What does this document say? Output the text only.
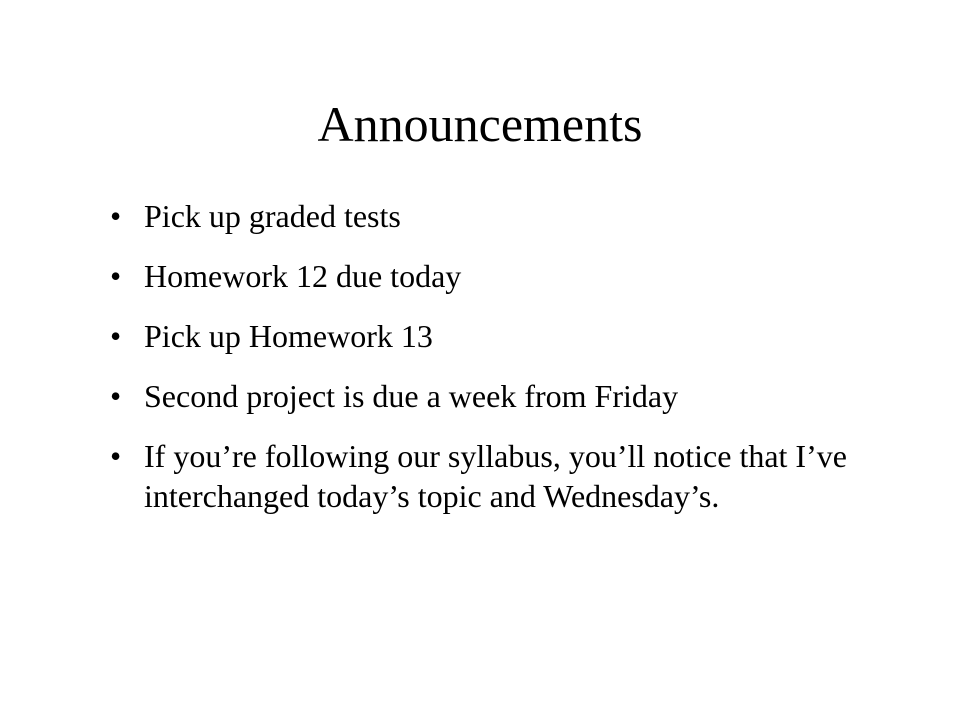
Announcements
• Pick up graded tests
• Homework 12 due today
• Pick up Homework 13
• Second project is due a week from Friday
• If you’re following our syllabus, you’ll notice that I’ve interchanged today’s topic and Wednesday’s.
